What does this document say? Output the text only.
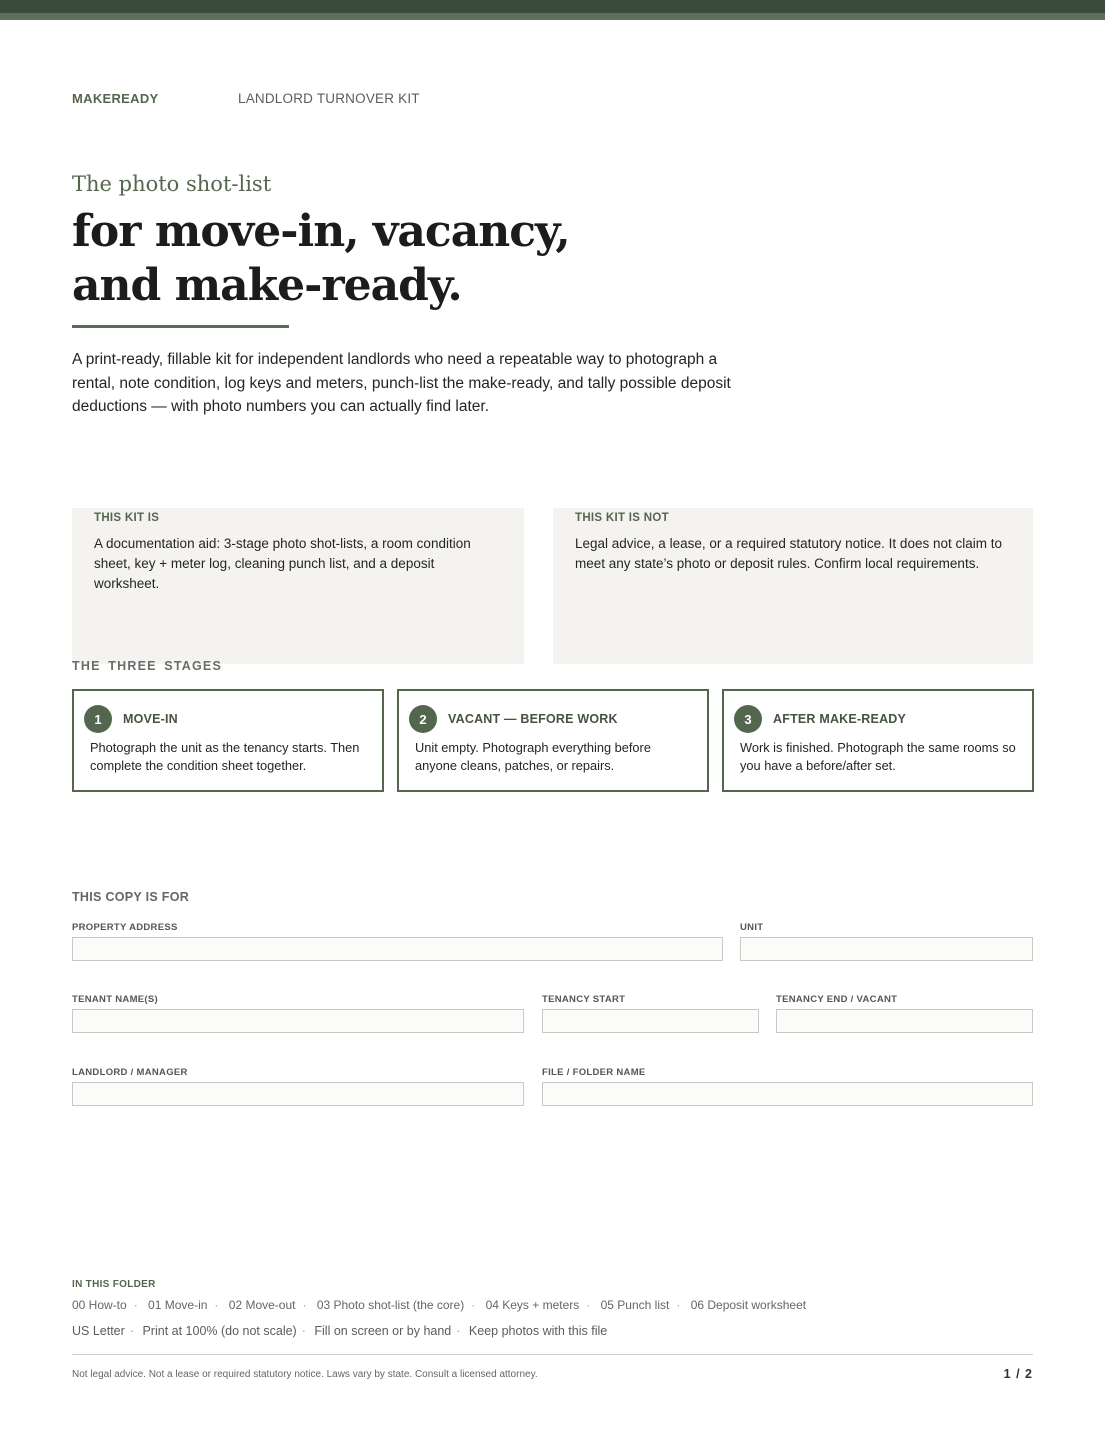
MAKEREADY	LANDLORD TURNOVER KIT
The photo shot-list
for move-in, vacancy,
and make-ready.

A print-ready, fillable kit for independent landlords who need a repeatable way to photograph a rental, note condition, log keys and meters, punch-list the make-ready, and tally possible deposit deductions — with photo numbers you can actually find later.

THIS KIT IS
A documentation aid: 3-stage photo shot-lists, a room condition sheet, key + meter log, cleaning punch list, and a deposit worksheet.
THIS KIT IS NOT
Legal advice, a lease, or a required statutory notice. It does not claim to meet any state’s photo or deposit rules. Confirm local requirements.
THE THREE STAGES
1	MOVE-IN
Photograph the unit as the tenancy starts. Then complete the condition sheet together.
2	VACANT — BEFORE WORK
Unit empty. Photograph everything before anyone cleans, patches, or repairs.
3	AFTER MAKE-READY
Work is finished. Photograph the same rooms so you have a before/after set.
THIS COPY IS FOR
PROPERTY ADDRESS	UNIT
TENANT NAME(S)	TENANCY START	TENANCY END / VACANT
LANDLORD / MANAGER	FILE / FOLDER NAME
IN THIS FOLDER
00 How-to · 01 Move-in · 02 Move-out · 03 Photo shot-list (the core) · 04 Keys + meters · 05 Punch list · 06 Deposit worksheet
US Letter · Print at 100% (do not scale) · Fill on screen or by hand · Keep photos with this file
Not legal advice. Not a lease or required statutory notice. Laws vary by state. Consult a licensed attorney.	1 / 2
